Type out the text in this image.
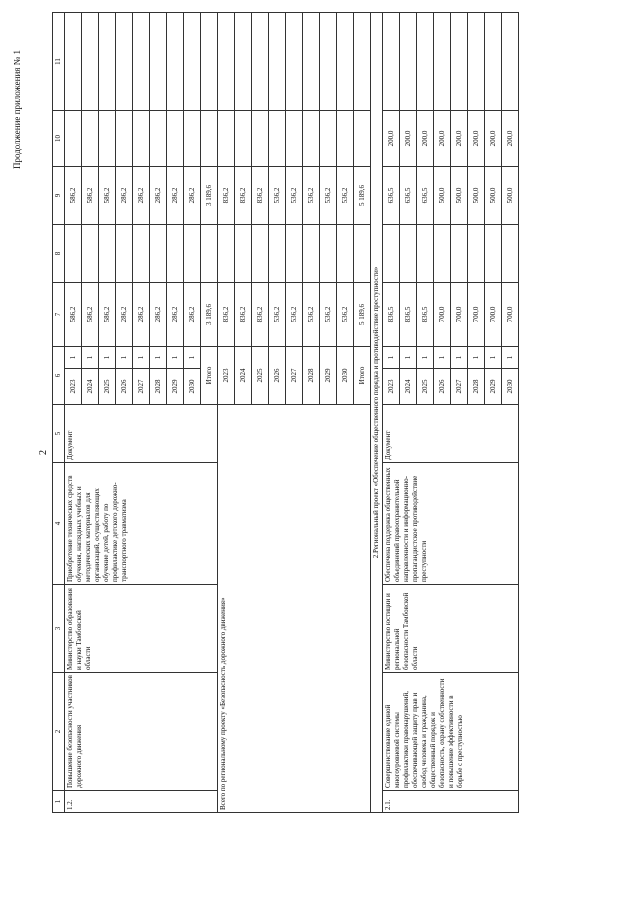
2
Продолжение приложения № 1
1	2	3	4	5	6		7	8	9	10	11
1.2.	Повышение безопасности участников дорожного движения	Министерство образования и науки Тамбовской области	Приобретение технических средств обучения, наглядных учебных и методических материалов для организаций, осуществляющих обучение детей, работу по профилактике детского дорожно-транспортного травматизма	Документ	2023	1	586,2		586,2		
					2024	1	586,2		586,2		
					2025	1	586,2		586,2		
					2026	1	286,2		286,2		
					2027	1	286,2		286,2		
					2028	1	286,2		286,2		
					2029	1	286,2		286,2		
					2030	1	286,2		286,2		
					Итого		3 189,6		3 189,6		
Всего по региональному проекту «Безопасность дорожного движения»					2023		836,2		836,2		
					2024		836,2		836,2		
					2025		836,2		836,2		
					2026		536,2		536,2		
					2027		536,2		536,2		
					2028		536,2		536,2		
					2029		536,2		536,2		
					2030		536,2		536,2		
					Итого		5 189,6		5 189,6		
2.Региональный проект «Обеспечение общественного порядка и противодействие преступности»											
2.1.	Совершенствование единой многоуровневой системы профилактики правонарушений, обеспечивающей защиту прав и свобод человека и гражданина, общественный порядок и безопасность, охрану собственности и повышение эффективности в борьбе с преступностью	Министерство юстиции и региональной безопасности Тамбовской области	Обеспечена поддержка общественных объединений правоохранительной направленности и информационно-пропагандистское противодействие преступности	Документ	2023	1	836,5		636,5	200,0	
					2024	1	836,5		636,5	200,0	
					2025	1	836,5		636,5	200,0	
					2026	1	700,0		500,0	200,0	
					2027	1	700,0		500,0	200,0	
					2028	1	700,0		500,0	200,0	
					2029	1	700,0		500,0	200,0	
					2030	1	700,0		500,0	200,0	
